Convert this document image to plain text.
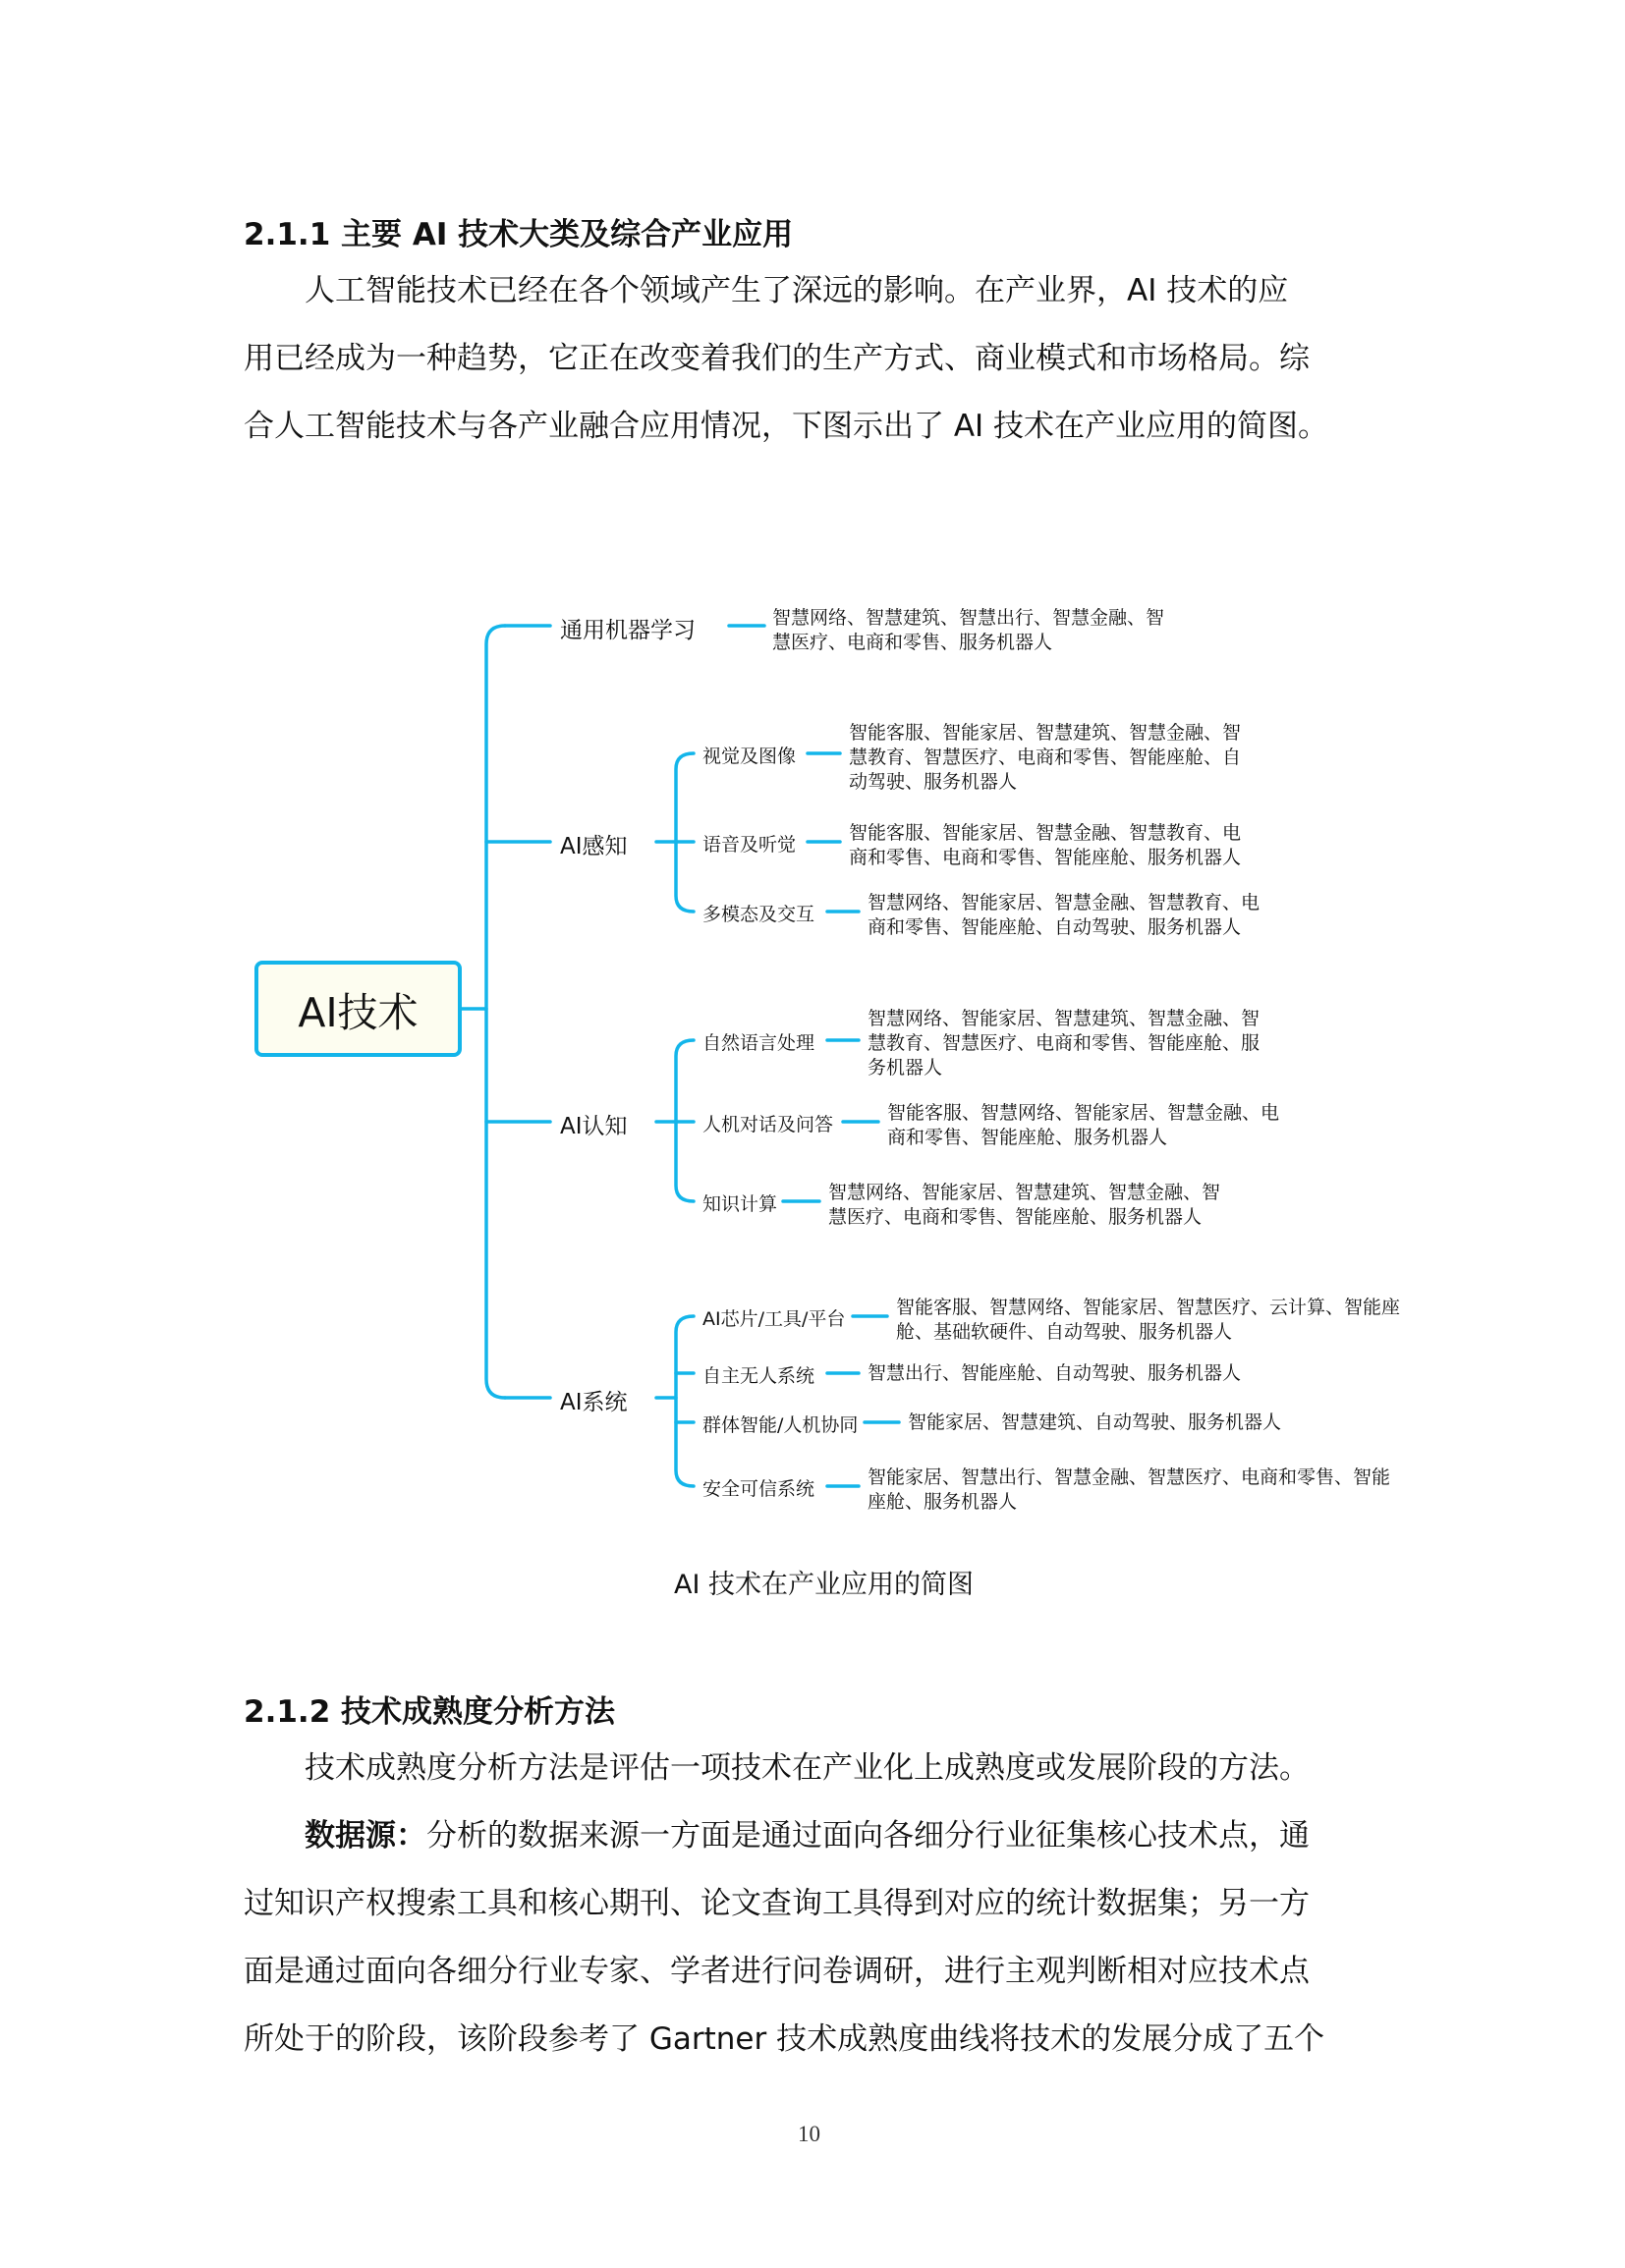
2.1.1 主要 AI 技术大类及综合产业应用
人工智能技术已经在各个领域产生了深远的影响。在产业界，AI 技术的应
用已经成为一种趋势，它正在改变着我们的生产方式、商业模式和市场格局。综
合人工智能技术与各产业融合应用情况，下图示出了 AI 技术在产业应用的简图。
AI技术
通用机器学习
AI感知
AI认知
AI系统
智慧网络、智慧建筑、智慧出行、智慧金融、智
慧医疗、电商和零售、服务机器人
视觉及图像
智能客服、智能家居、智慧建筑、智慧金融、智
慧教育、智慧医疗、电商和零售、智能座舱、自
动驾驶、服务机器人
语音及听觉
智能客服、智能家居、智慧金融、智慧教育、电
商和零售、电商和零售、智能座舱、服务机器人
多模态及交互
智慧网络、智能家居、智慧金融、智慧教育、电
商和零售、智能座舱、自动驾驶、服务机器人
自然语言处理
智慧网络、智能家居、智慧建筑、智慧金融、智
慧教育、智慧医疗、电商和零售、智能座舱、服
务机器人
人机对话及问答
智能客服、智慧网络、智能家居、智慧金融、电
商和零售、智能座舱、服务机器人
知识计算
智慧网络、智能家居、智慧建筑、智慧金融、智
慧医疗、电商和零售、智能座舱、服务机器人
AI芯片/工具/平台
智能客服、智慧网络、智能家居、智慧医疗、云计算、智能座
舱、基础软硬件、自动驾驶、服务机器人
自主无人系统	智慧出行、智能座舱、自动驾驶、服务机器人
群体智能/人机协同	智能家居、智慧建筑、自动驾驶、服务机器人
安全可信系统
智能家居、智慧出行、智慧金融、智慧医疗、电商和零售、智能
座舱、服务机器人
AI 技术在产业应用的简图
2.1.2 技术成熟度分析方法
技术成熟度分析方法是评估一项技术在产业化上成熟度或发展阶段的方法。
数据源：分析的数据来源一方面是通过面向各细分行业征集核心技术点，通
过知识产权搜索工具和核心期刊、论文查询工具得到对应的统计数据集；另一方
面是通过面向各细分行业专家、学者进行问卷调研，进行主观判断相对应技术点
所处于的阶段，该阶段参考了 Gartner 技术成熟度曲线将技术的发展分成了五个
10
